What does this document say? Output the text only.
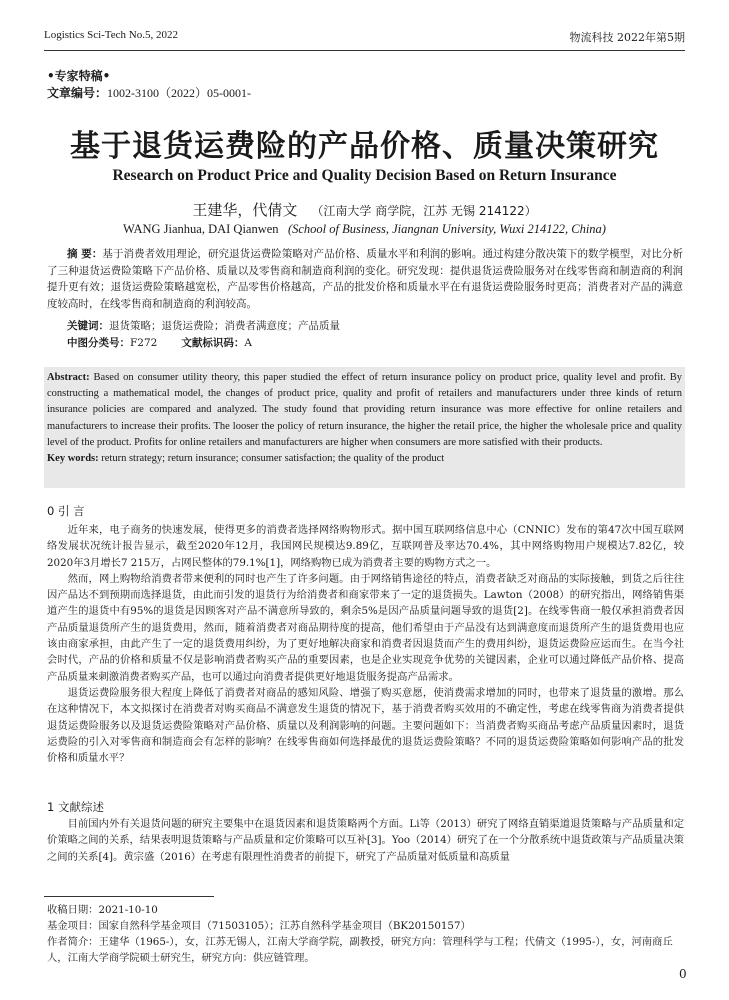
Logistics Sci-Tech No.5, 2022	物流科技 2022年第5期
•专家特稿•
文章编号：1002-3100（2022）05-0001-
基于退货运费险的产品价格、质量决策研究
Research on Product Price and Quality Decision Based on Return Insurance
王建华，代倩文 （江南大学 商学院，江苏 无锡 214122）
WANG Jianhua, DAI Qianwen (School of Business, Jiangnan University, Wuxi 214122, China)
摘 要：基于消费者效用理论，研究退货运费险策略对产品价格、质量水平和利润的影响。通过构建分散决策下的数学模型，对比分析了三种退货运费险策略下产品价格、质量以及零售商和制造商利润的变化。研究发现：提供退货运费险服务对在线零售商和制造商的利润提升更有效；退货运费险策略越宽松，产品零售价格越高，产品的批发价格和质量水平在有退货运费险服务时更高；消费者对产品的满意度较高时，在线零售商和制造商的利润较高。
关键词：退货策略；退货运费险；消费者满意度；产品质量
中图分类号：F272 文献标识码：A
Abstract: Based on consumer utility theory, this paper studied the effect of return insurance policy on product price, quality level and profit. By constructing a mathematical model, the changes of product price, quality and profit of retailers and manufacturers under three kinds of return insurance policies are compared and analyzed. The study found that providing return insurance was more effective for online retailers and manufacturers to increase their profits. The looser the policy of return insurance, the higher the retail price, the higher the wholesale price and quality level of the product. Profits for online retailers and manufacturers are higher when consumers are more satisfied with their products.
Key words: return strategy; return insurance; consumer satisfaction; the quality of the product
0 引 言

近年来，电子商务的快速发展，使得更多的消费者选择网络购物形式。据中国互联网络信息中心（CNNIC）发布的第47次中国互联网络发展状况统计报告显示，截至2020年12月，我国网民规模达9.89亿，互联网普及率达70.4%，其中网络购物用户规模达7.82亿，较2020年3月增长7 215万，占网民整体的79.1%[1]，网络购物已成为消费者主要的购物方式之一。

然而，网上购物给消费者带来便利的同时也产生了许多问题。由于网络销售途径的特点，消费者缺乏对商品的实际接触，到货之后往往因产品达不到预期而选择退货，由此而引发的退货行为给消费者和商家带来了一定的退货损失。Lawton（2008）的研究指出，网络销售渠道产生的退货中有95%的退货是因顾客对产品不满意所导致的，剩余5%是因产品质量问题导致的退货[2]。在线零售商一般仅承担消费者因产品质量退货所产生的退货费用，然而，随着消费者对商品期待度的提高，他们希望由于产品没有达到满意度而退货所产生的退货费用也应该由商家承担，由此产生了一定的退货费用纠纷，为了更好地解决商家和消费者因退货而产生的费用纠纷，退货运费险应运而生。在当今社会时代，产品的价格和质量不仅是影响消费者购买产品的重要因素，也是企业实现竞争优势的关键因素，企业可以通过降低产品价格、提高产品质量来刺激消费者购买产品，也可以通过向消费者提供更好地退货服务提高产品需求。

退货运费险服务很大程度上降低了消费者对商品的感知风险、增强了购买意愿，使消费需求增加的同时，也带来了退货量的激增。那么在这种情况下，本文拟探讨在消费者对购买商品不满意发生退货的情况下，基于消费者购买效用的不确定性，考虑在线零售商为消费者提供退货运费险服务以及退货运费险策略对产品价格、质量以及利润影响的问题。主要问题如下：当消费者购买商品考虑产品质量因素时，退货运费险的引入对零售商和制造商会有怎样的影响？在线零售商如何选择最优的退货运费险策略？不同的退货运费险策略如何影响产品的批发价格和质量水平？

1 文献综述

目前国内外有关退货问题的研究主要集中在退货因素和退货策略两个方面。Li等（2013）研究了网络直销渠道退货策略与产品质量和定价策略之间的关系，结果表明退货策略与产品质量和定价策略可以互补[3]。Yoo（2014）研究了在一个分散系统中退货政策与产品质量决策之间的关系[4]。黄宗盛（2016）在考虑有限理性消费者的前提下，研究了产品质量对低质量和高质量

收稿日期：2021-10-10
基金项目：国家自然科学基金项目（71503105）；江苏自然科学基金项目（BK20150157）
作者简介：王建华（1965-），女，江苏无锡人，江南大学商学院，副教授，研究方向：管理科学与工程；代倩文（1995-），女，河南商丘人，江南大学商学院硕士研究生，研究方向：供应链管理。
0
